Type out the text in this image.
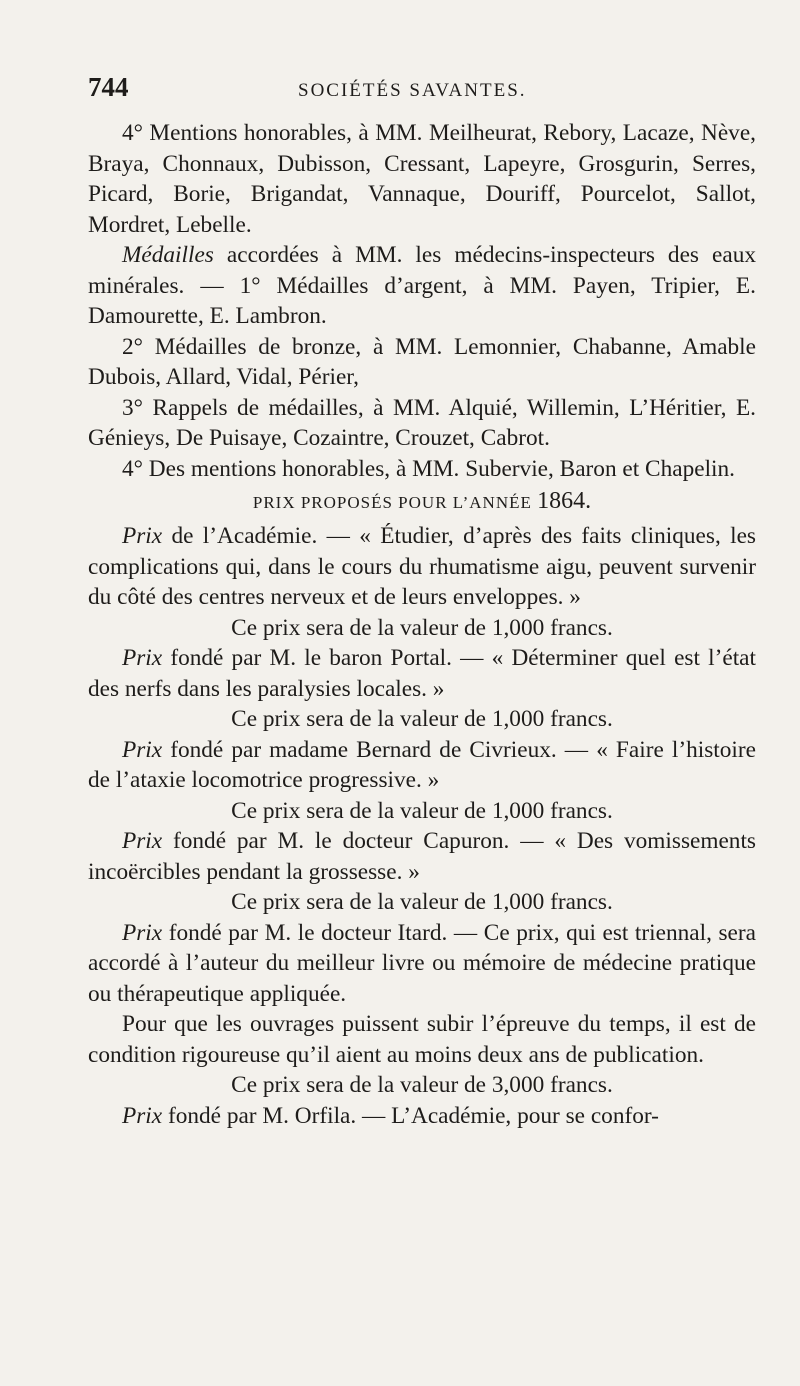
744	SOCIÉTÉS SAVANTES.

4° Mentions honorables, à MM. Meilheurat, Rebory, Lacaze, Nève, Braya, Chonnaux, Dubisson, Cressant, Lapeyre, Grosgurin, Serres, Picard, Borie, Brigandat, Vannaque, Douriff, Pourcelot, Sallot, Mordret, Lebelle.

Médailles accordées à MM. les médecins-inspecteurs des eaux minérales. — 1° Médailles d’argent, à MM. Payen, Tripier, E. Damourette, E. Lambron.

2° Médailles de bronze, à MM. Lemonnier, Chabanne, Amable Dubois, Allard, Vidal, Périer,

3° Rappels de médailles, à MM. Alquié, Willemin, L’Héritier, E. Génieys, De Puisaye, Cozaintre, Crouzet, Cabrot.

4° Des mentions honorables, à MM. Subervie, Baron et Chapelin.

PRIX PROPOSÉS POUR L’ANNÉE 1864.

Prix de l’Académie. — « Étudier, d’après des faits cliniques, les complications qui, dans le cours du rhumatisme aigu, peuvent survenir du côté des centres nerveux et de leurs enveloppes. »

Ce prix sera de la valeur de 1,000 francs.

Prix fondé par M. le baron Portal. — « Déterminer quel est l’état des nerfs dans les paralysies locales. »

Ce prix sera de la valeur de 1,000 francs.

Prix fondé par madame Bernard de Civrieux. — « Faire l’histoire de l’ataxie locomotrice progressive. »

Ce prix sera de la valeur de 1,000 francs.

Prix fondé par M. le docteur Capuron. — « Des vomissements incoërcibles pendant la grossesse. »

Ce prix sera de la valeur de 1,000 francs.

Prix fondé par M. le docteur Itard. — Ce prix, qui est triennal, sera accordé à l’auteur du meilleur livre ou mémoire de médecine pratique ou thérapeutique appliquée.

Pour que les ouvrages puissent subir l’épreuve du temps, il est de condition rigoureuse qu’il aient au moins deux ans de publication.

Ce prix sera de la valeur de 3,000 francs.

Prix fondé par M. Orfila. — L’Académie, pour se confor-
